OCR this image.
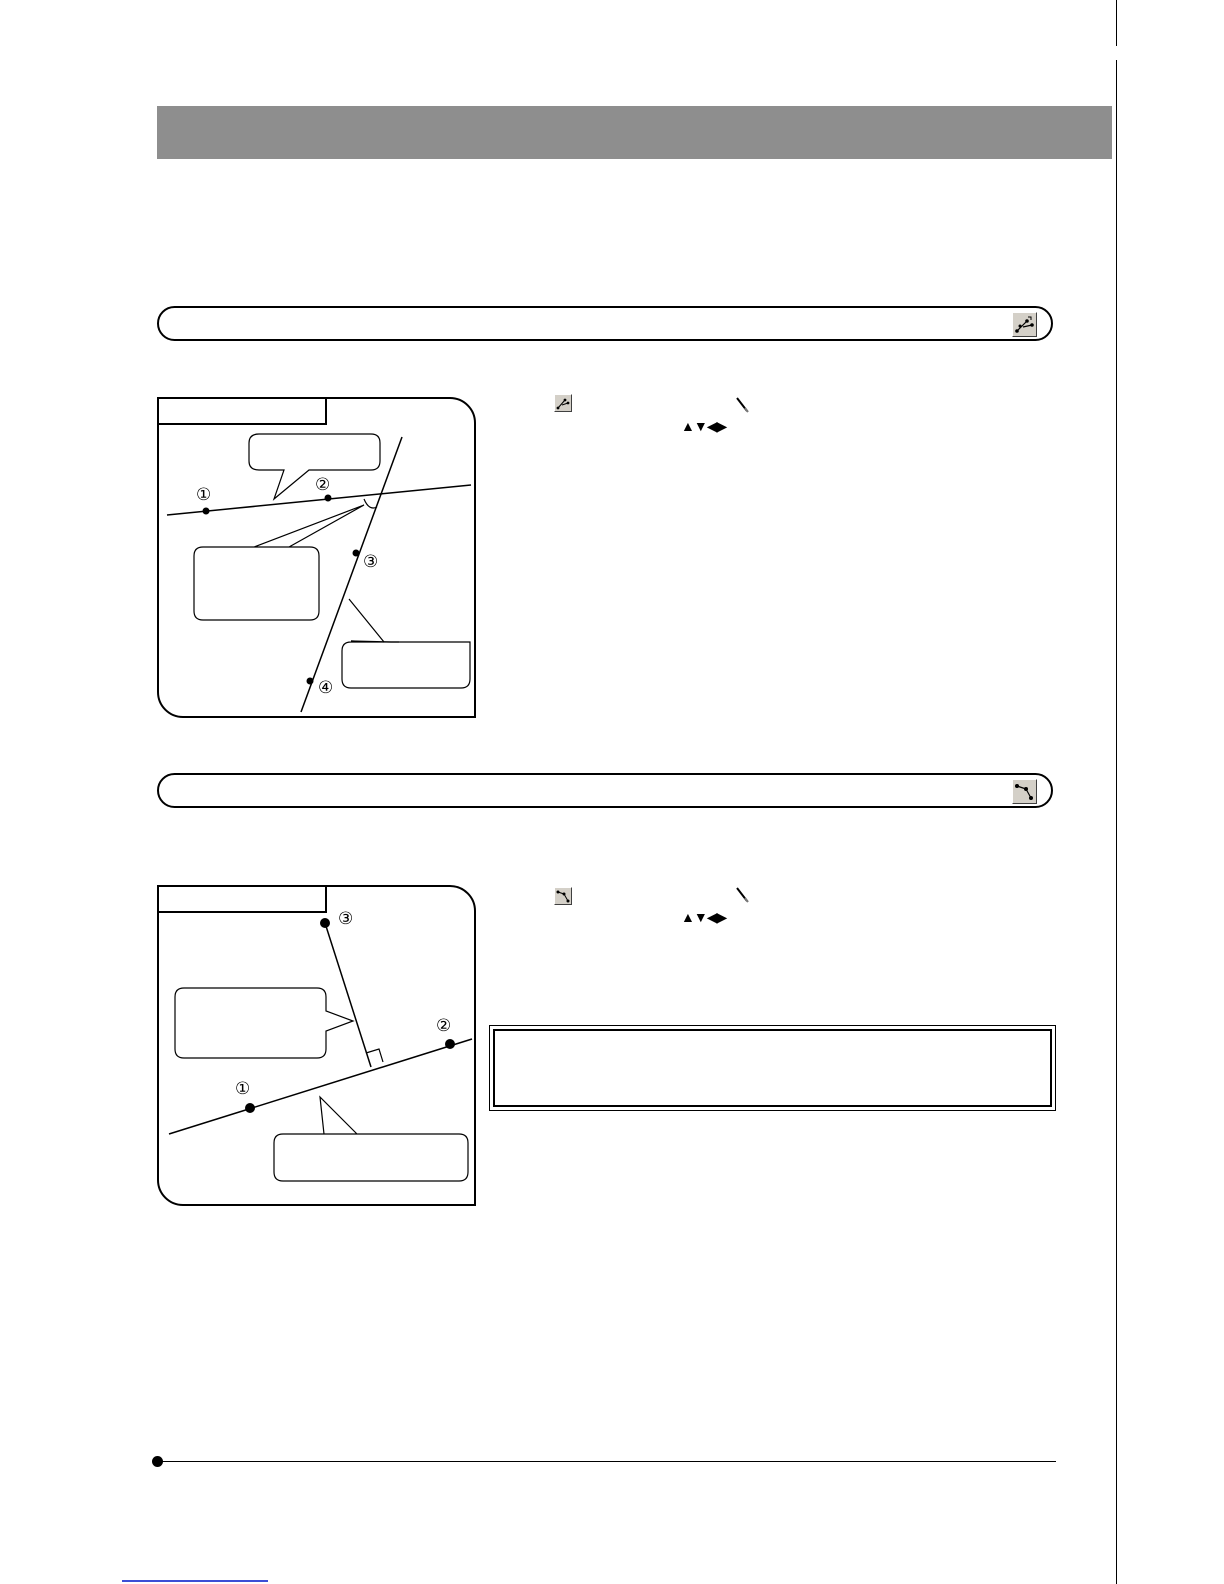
①
②
③
④
▲▼◀▶
①
②
③	▲▼◀▶
